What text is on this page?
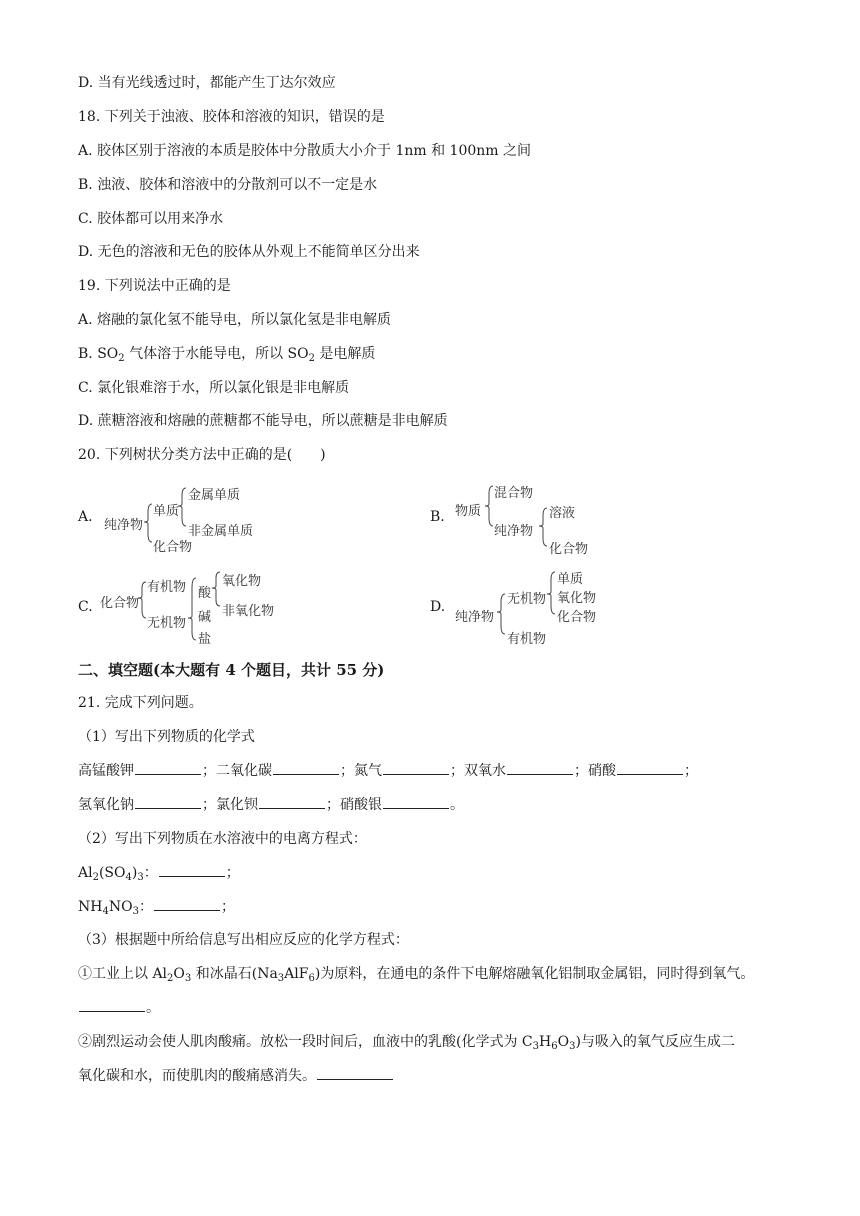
D. 当有光线透过时，都能产生丁达尔效应
18. 下列关于浊液、胶体和溶液的知识，错误的是
A. 胶体区别于溶液的本质是胶体中分散质大小介于 1nm 和 100nm 之间
B. 浊液、胶体和溶液中的分散剂可以不一定是水
C. 胶体都可以用来净水
D. 无色的溶液和无色的胶体从外观上不能简单区分出来
19. 下列说法中正确的是
A. 熔融的氯化氢不能导电，所以氯化氢是非电解质
B. $SO_2$ 气体溶于水能导电，所以 $SO_2$ 是电解质
C. 氯化银难溶于水，所以氯化银是非电解质
D. 蔗糖溶液和熔融的蔗糖都不能导电，所以蔗糖是非电解质
20. 下列树状分类方法中正确的是(　　)
A.
纯净物
单质
金属单质
非金属单质
化合物
B. 物质
混合物
纯净物
溶液
化合物
C. 化合物
有机物
无机物
酸
碱
盐
氧化物
非氧化物	D.
纯净物
无机物
有机物
单质
氧化物
化合物
二、填空题(本大题有 4 个题目，共计 55 分)
21. 完成下列问题。
（1）写出下列物质的化学式
高锰酸钾	；二氧化碳	；氮气	；双氧水	；硝酸	；
氢氧化钠	；氯化钡	；硝酸银	。
（2）写出下列物质在水溶液中的电离方程式：
$Al_2(SO_4)_3$：	；
$NH_4NO_3$：	；
（3）根据题中所给信息写出相应反应的化学方程式：
①工业上以 $Al_2O_3$ 和冰晶石$(Na_3AlF_6)$为原料，在通电的条件下电解熔融氧化铝制取金属铝，同时得到氧气。
。
②剧烈运动会使人肌肉酸痛。放松一段时间后，血液中的乳酸(化学式为 $C_3H_6O_3$)与吸入的氧气反应生成二
氧化碳和水，而使肌肉的酸痛感消失。
